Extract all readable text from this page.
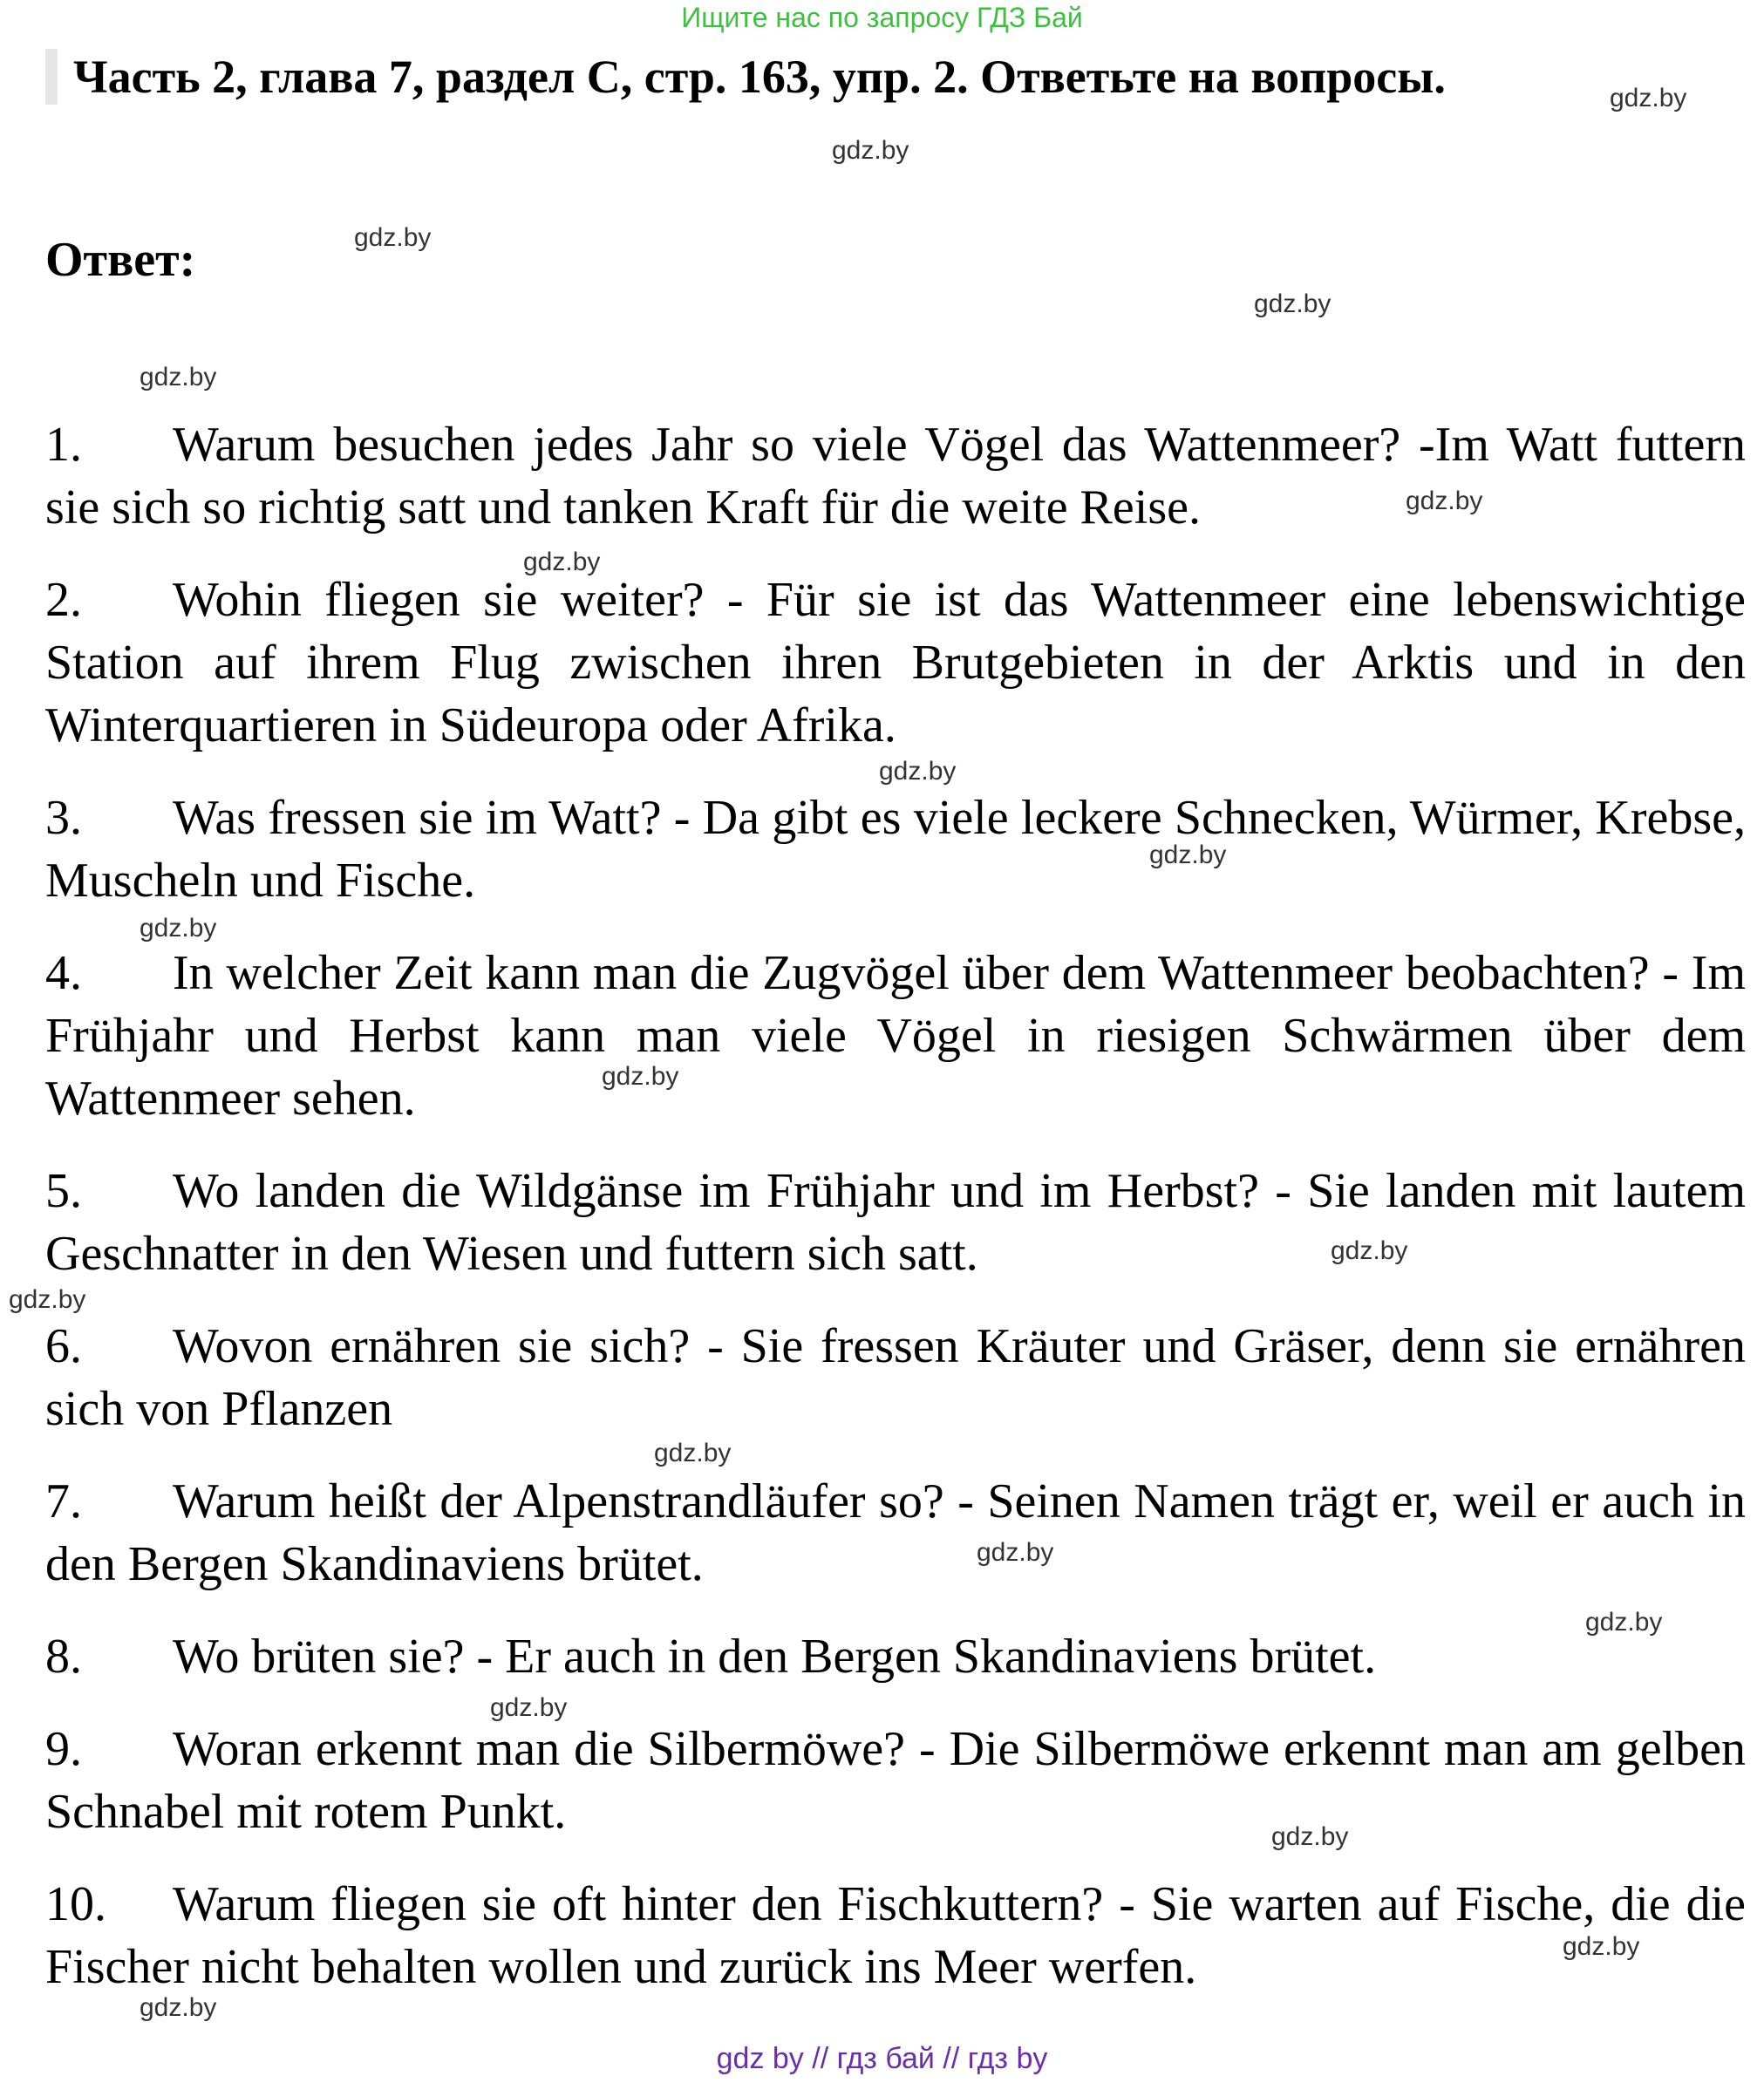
Ищите нас по запросу ГДЗ Бай
Часть 2, глава 7, раздел С, стр. 163, упр. 2. Ответьте на вопросы.
Ответ:
1. Warum besuchen jedes Jahr so viele Vögel das Wattenmeer? -Im Watt futtern sie sich so richtig satt und tanken Kraft für die weite Reise.
2. Wohin fliegen sie weiter? - Für sie ist das Wattenmeer eine lebenswichtige Station auf ihrem Flug zwischen ihren Brutgebieten in der Arktis und in den Winterquartieren in Südeuropa oder Afrika.
3. Was fressen sie im Watt? - Da gibt es viele leckere Schnecken, Würmer, Krebse, Muscheln und Fische.
4. In welcher Zeit kann man die Zugvögel über dem Wattenmeer beobachten? - Im Frühjahr und Herbst kann man viele Vögel in riesigen Schwärmen über dem Wattenmeer sehen.
5. Wo landen die Wildgänse im Frühjahr und im Herbst? - Sie landen mit lautem Geschnatter in den Wiesen und futtern sich satt.
6. Wovon ernähren sie sich? - Sie fressen Kräuter und Gräser, denn sie ernähren sich von Pflanzen
7. Warum heißt der Alpenstrandläufer so? - Seinen Namen trägt er, weil er auch in den Bergen Skandinaviens brütet.
8. Wo brüten sie? - Er auch in den Bergen Skandinaviens brütet.
9. Woran erkennt man die Silbermöwe? - Die Silbermöwe erkennt man am gelben Schnabel mit rotem Punkt.
10. Warum fliegen sie oft hinter den Fischkuttern? - Sie warten auf Fische, die die Fischer nicht behalten wollen und zurück ins Meer werfen.
gdz.by
gdz.by
gdz.by
gdz.by
gdz.by
gdz.by
gdz.by
gdz.by
gdz.by
gdz.by
gdz.by
gdz.by
gdz.by
gdz.by
gdz.by
gdz.by
gdz.by
gdz.by
gdz.by
gdz.by
gdz by // гдз бай // гдз by
